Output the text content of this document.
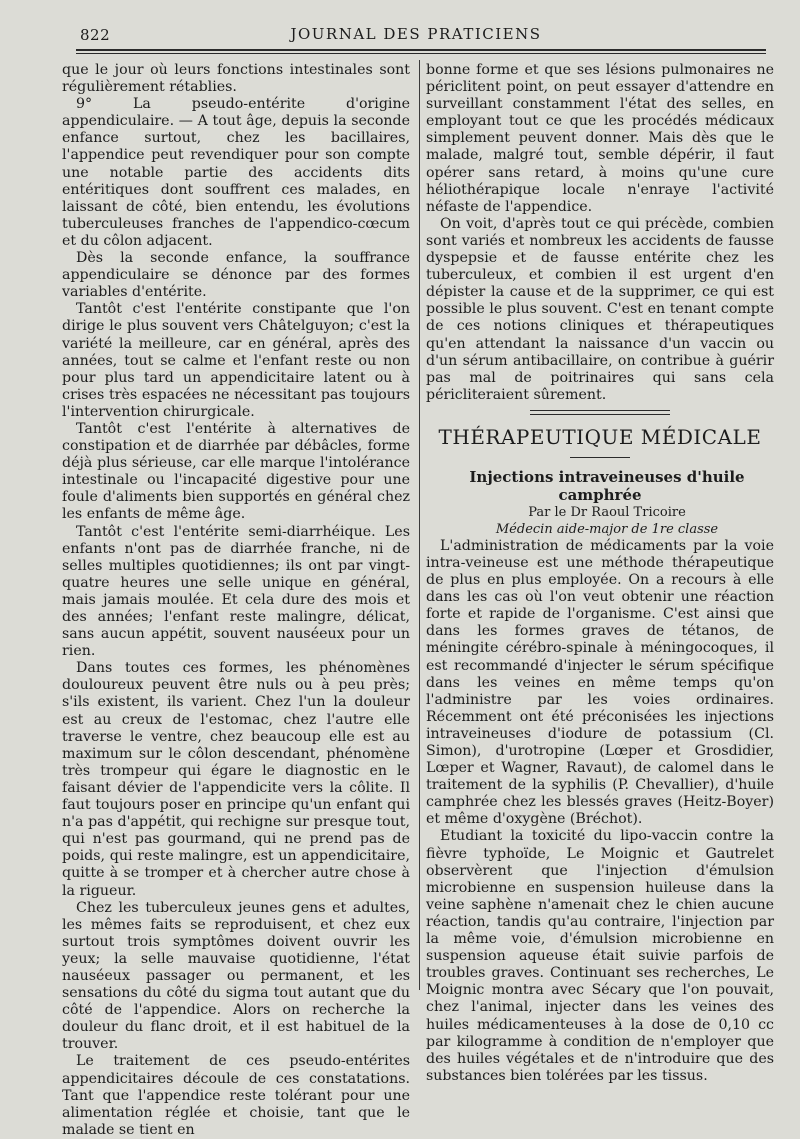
822	JOURNAL DES PRATICIENS

que le jour où leurs fonctions intestinales sont régulièrement rétablies.

9° La pseudo-entérite d'origine appendiculaire. — A tout âge, depuis la seconde enfance surtout, chez les bacillaires, l'appendice peut revendiquer pour son compte une notable partie des accidents dits entéritiques dont souffrent ces malades, en laissant de côté, bien entendu, les évolutions tuberculeuses franches de l'appendico-cœcum et du côlon adjacent.

Dès la seconde enfance, la souffrance appendiculaire se dénonce par des formes variables d'entérite.

Tantôt c'est l'entérite constipante que l'on dirige le plus souvent vers Châtelguyon; c'est la variété la meilleure, car en général, après des années, tout se calme et l'enfant reste ou non pour plus tard un appendicitaire latent ou à crises très espacées ne nécessitant pas toujours l'intervention chirurgicale.

Tantôt c'est l'entérite à alternatives de constipation et de diarrhée par débâcles, forme déjà plus sérieuse, car elle marque l'intolérance intestinale ou l'incapacité digestive pour une foule d'aliments bien supportés en général chez les enfants de même âge.

Tantôt c'est l'entérite semi-diarrhéique. Les enfants n'ont pas de diarrhée franche, ni de selles multiples quotidiennes; ils ont par vingt-quatre heures une selle unique en général, mais jamais moulée. Et cela dure des mois et des années; l'enfant reste malingre, délicat, sans aucun appétit, souvent nauséeux pour un rien.

Dans toutes ces formes, les phénomènes douloureux peuvent être nuls ou à peu près; s'ils existent, ils varient. Chez l'un la douleur est au creux de l'estomac, chez l'autre elle traverse le ventre, chez beaucoup elle est au maximum sur le côlon descendant, phénomène très trompeur qui égare le diagnostic en le faisant dévier de l'appendicite vers la côlite. Il faut toujours poser en principe qu'un enfant qui n'a pas d'appétit, qui rechigne sur presque tout, qui n'est pas gourmand, qui ne prend pas de poids, qui reste malingre, est un appendicitaire, quitte à se tromper et à chercher autre chose à la rigueur.

Chez les tuberculeux jeunes gens et adultes, les mêmes faits se reproduisent, et chez eux surtout trois symptômes doivent ouvrir les yeux; la selle mauvaise quotidienne, l'état nauséeux passager ou permanent, et les sensations du côté du sigma tout autant que du côté de l'appendice. Alors on recherche la douleur du flanc droit, et il est habituel de la trouver.

Le traitement de ces pseudo-entérites appendicitaires découle de ces constatations. Tant que l'appendice reste tolérant pour une alimentation réglée et choisie, tant que le malade se tient en

bonne forme et que ses lésions pulmonaires ne périclitent point, on peut essayer d'attendre en surveillant constamment l'état des selles, en employant tout ce que les procédés médicaux simplement peuvent donner. Mais dès que le malade, malgré tout, semble dépérir, il faut opérer sans retard, à moins qu'une cure héliothérapique locale n'enraye l'activité néfaste de l'appendice.

On voit, d'après tout ce qui précède, combien sont variés et nombreux les accidents de fausse dyspepsie et de fausse entérite chez les tuberculeux, et combien il est urgent d'en dépister la cause et de la supprimer, ce qui est possible le plus souvent. C'est en tenant compte de ces notions cliniques et thérapeutiques qu'en attendant la naissance d'un vaccin ou d'un sérum antibacillaire, on contribue à guérir pas mal de poitrinaires qui sans cela péricliteraient sûrement.

THÉRAPEUTIQUE MÉDICALE

Injections intraveineuses d'huile camphrée

Par le Dr Raoul Tricoire

Médecin aide-major de 1re classe

L'administration de médicaments par la voie intra-veineuse est une méthode thérapeutique de plus en plus employée. On a recours à elle dans les cas où l'on veut obtenir une réaction forte et rapide de l'organisme. C'est ainsi que dans les formes graves de tétanos, de méningite cérébro-spinale à méningocoques, il est recommandé d'injecter le sérum spécifique dans les veines en même temps qu'on l'administre par les voies ordinaires. Récemment ont été préconisées les injections intraveineuses d'iodure de potassium (Cl. Simon), d'urotropine (Lœper et Grosdidier, Lœper et Wagner, Ravaut), de calomel dans le traitement de la syphilis (P. Chevallier), d'huile camphrée chez les blessés graves (Heitz-Boyer) et même d'oxygène (Bréchot).

Etudiant la toxicité du lipo-vaccin contre la fièvre typhoïde, Le Moignic et Gautrelet observèrent que l'injection d'émulsion microbienne en suspension huileuse dans la veine saphène n'amenait chez le chien aucune réaction, tandis qu'au contraire, l'injection par la même voie, d'émulsion microbienne en suspension aqueuse était suivie parfois de troubles graves. Continuant ses recherches, Le Moignic montra avec Sécary que l'on pouvait, chez l'animal, injecter dans les veines des huiles médicamenteuses à la dose de 0,10 cc par kilogramme à condition de n'employer que des huiles végétales et de n'introduire que des substances bien tolérées par les tissus.
